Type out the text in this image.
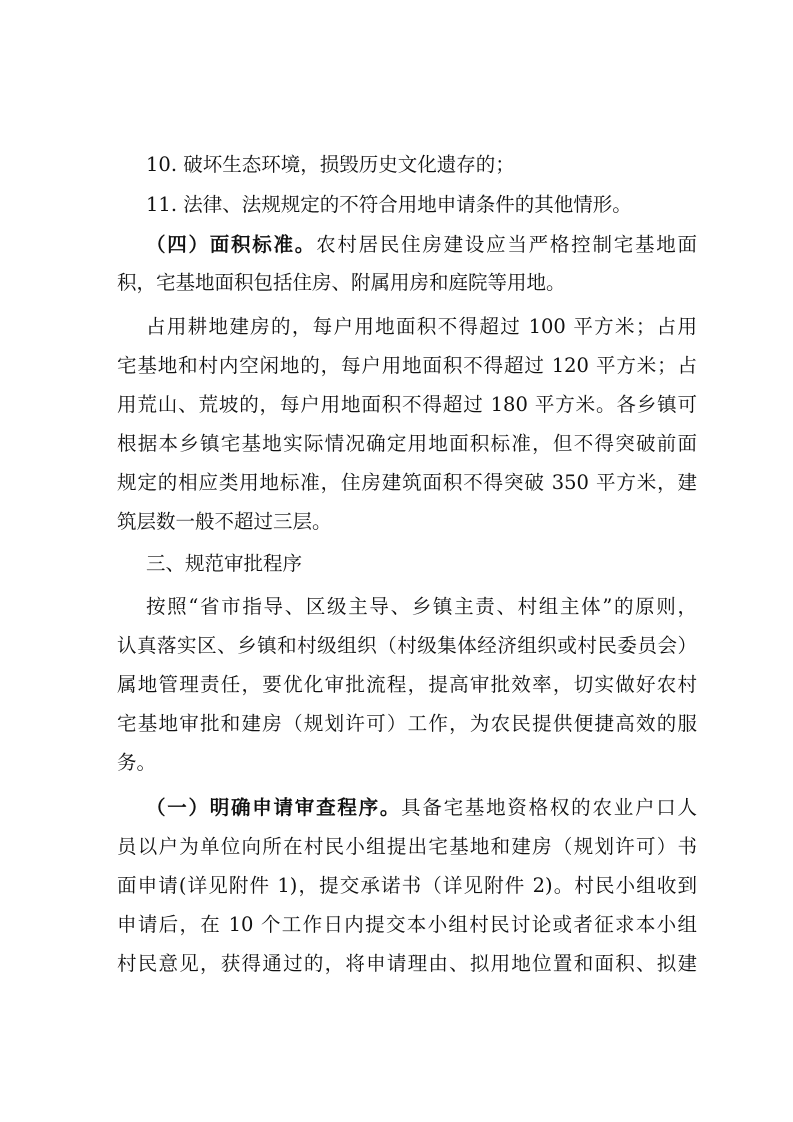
10. 破坏生态环境，损毁历史文化遗存的；
11. 法律、法规规定的不符合用地申请条件的其他情形。
（四）面积标准。农村居民住房建设应当严格控制宅基地面
积，宅基地面积包括住房、附属用房和庭院等用地。
占用耕地建房的，每户用地面积不得超过 100 平方米；占用
宅基地和村内空闲地的，每户用地面积不得超过 120 平方米；占
用荒山、荒坡的，每户用地面积不得超过 180 平方米。各乡镇可
根据本乡镇宅基地实际情况确定用地面积标准，但不得突破前面
规定的相应类用地标准，住房建筑面积不得突破 350 平方米，建
筑层数一般不超过三层。
三、规范审批程序
按照“省市指导、区级主导、乡镇主责、村组主体”的原则，
认真落实区、乡镇和村级组织（村级集体经济组织或村民委员会）
属地管理责任，要优化审批流程，提高审批效率，切实做好农村
宅基地审批和建房（规划许可）工作，为农民提供便捷高效的服
务。
（一）明确申请审查程序。具备宅基地资格权的农业户口人
员以户为单位向所在村民小组提出宅基地和建房（规划许可）书
面申请(详见附件 1)，提交承诺书（详见附件 2)。村民小组收到
申请后，在 10 个工作日内提交本小组村民讨论或者征求本小组
村民意见，获得通过的，将申请理由、拟用地位置和面积、拟建
